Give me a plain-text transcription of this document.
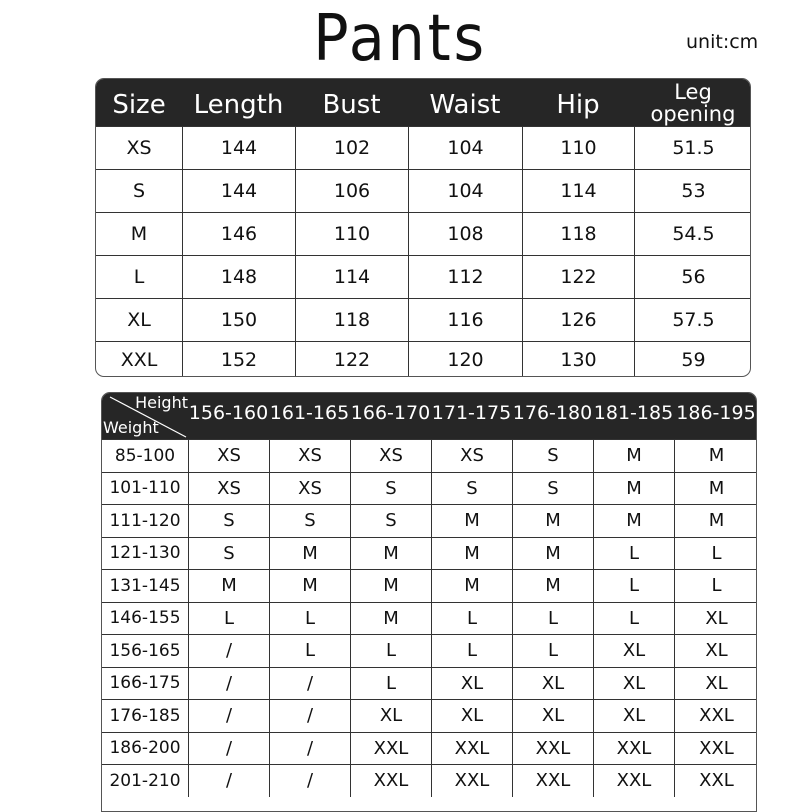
Pants	unit:cm
Size	Length	Bust	Waist	Hip	Leg
opening
XS	144	102	104	110	51.5
S	144	106	104	114	53
M	146	110	108	118	54.5
L	148	114	112	122	56
XL	150	118	116	126	57.5
XXL	152	122	120	130	59
Height
Weight
156-160 161-165 166-170 171-175 176-180 181-185 186-195
85-100	XS	XS	XS	XS	S	M	M
101-110	XS	XS	S	S	S	M	M
111-120	S	S	S	M	M	M	M
121-130	S	M	M	M	M	L	L
131-145	M	M	M	M	M	L	L
146-155	L	L	M	L	L	L	XL
156-165	/	L	L	L	L	XL	XL
166-175	/	/	L	XL	XL	XL	XL
176-185	/	/	XL	XL	XL	XL	XXL
186-200	/	/	XXL	XXL	XXL	XXL	XXL
201-210	/	/	XXL	XXL	XXL	XXL	XXL
